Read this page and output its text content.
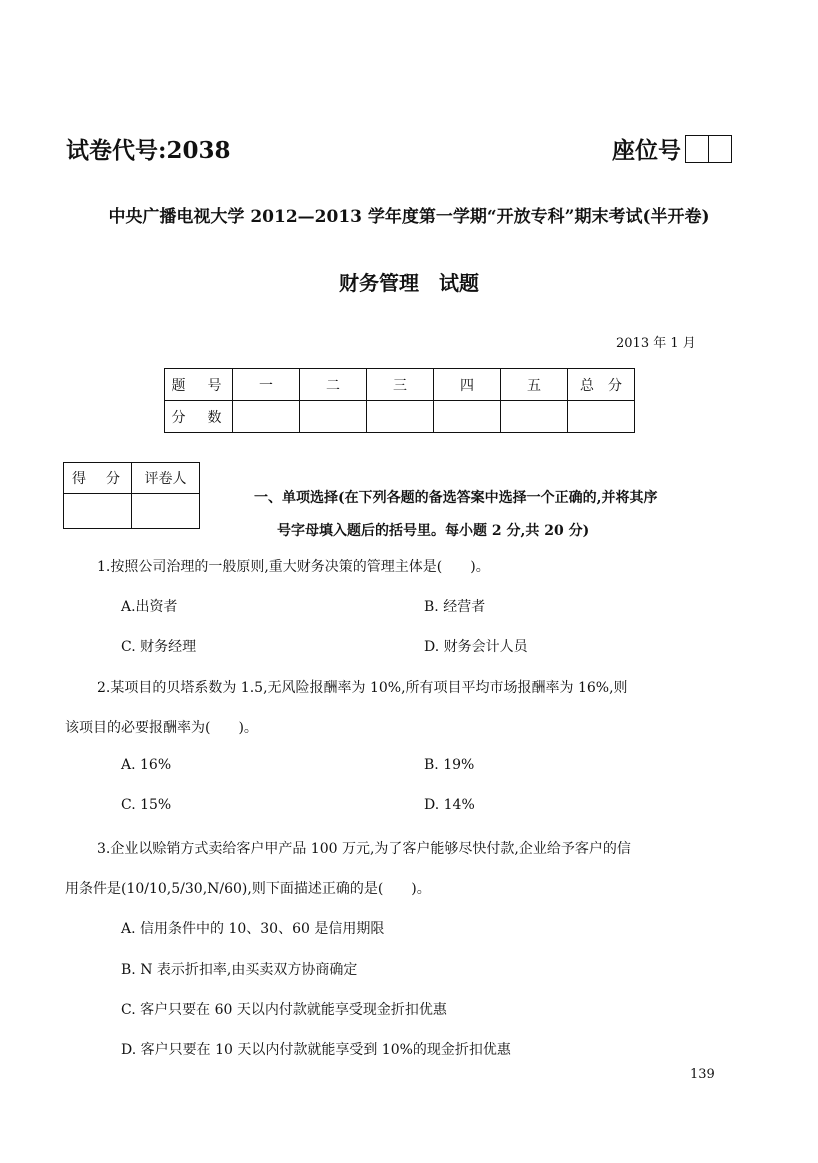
试卷代号:2038	座位号
中央广播电视大学 2012—2013 学年度第一学期“开放专科”期末考试(半开卷)
财务管理　试题
2013 年 1 月
题　号	一	二	三	四	五	总　分
分　数						
得　分	评卷人

一、单项选择(在下列各题的备选答案中选择一个正确的,并将其序
号字母填入题后的括号里。每小题 2 分,共 20 分)
1.按照公司治理的一般原则,重大财务决策的管理主体是(　　)。
A.出资者	B. 经营者
C. 财务经理	D. 财务会计人员
2.某项目的贝塔系数为 1.5,无风险报酬率为 10%,所有项目平均市场报酬率为 16%,则
该项目的必要报酬率为(　　)。
A. 16%	B. 19%
C. 15%	D. 14%
3.企业以赊销方式卖给客户甲产品 100 万元,为了客户能够尽快付款,企业给予客户的信
用条件是(10/10,5/30,N/60),则下面描述正确的是(　　)。
A. 信用条件中的 10、30、60 是信用期限
B. N 表示折扣率,由买卖双方协商确定
C. 客户只要在 60 天以内付款就能享受现金折扣优惠
D. 客户只要在 10 天以内付款就能享受到 10%的现金折扣优惠
139
